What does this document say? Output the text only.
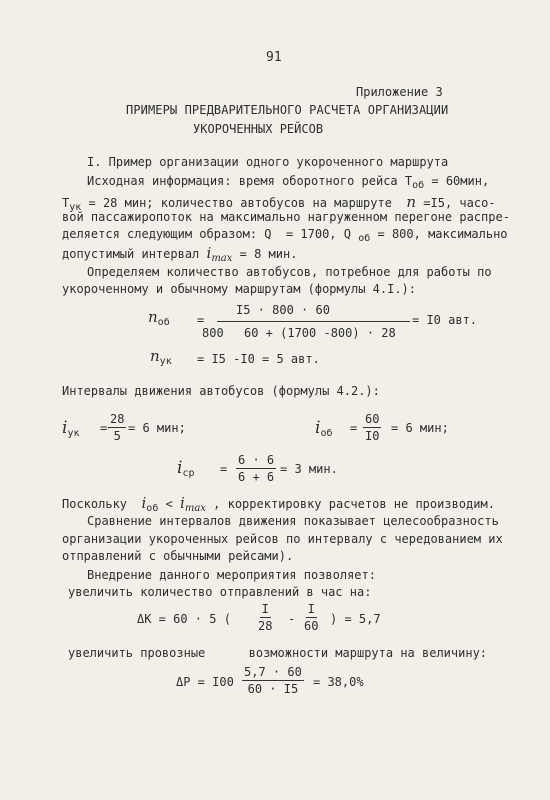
91
Приложение 3
ПРИМЕРЫ ПРЕДВАРИТЕЛЬНОГО РАСЧЕТА ОРГАНИЗАЦИИ
УКОРОЧЕННЫХ РЕЙСОВ
I. Пример организации одного укороченного маршрута
Исходная информация: время оборотного рейса $T_{об} = 60мин$,
$T_{ук} = 28$ мин; количество автобусов на маршруте  n =I5, часо-
вой пассажиропоток на максимально нагруженном перегоне распре-
деляется следующим образом: Q  = 1700, Q $_{об}$ = 800, максимально
допустимый интервал $i_{max} = 8$ мин.
Определяем количество автобусов, потребное для работы по
укороченному и обычному маршрутам (формулы 4.I.):
$n_{об}$ =
I5 · 800 · 60
800 60 + (1700 -800) · 28
= I0 авт.
$n_{ук} = I5$ -I0 = 5 авт.
Интервалы движения автобусов (формулы 4.2.):
$i_{ук} = \frac{28}{5} = 6$ мин;	$i_{об} = \frac{60}{I0} = 6$ мин;
$i_{ср} = \frac{6 \cdot 6}{6 + 6} = 3$ мин.
Поскольку  $i_{об} < i_{max}$ , корректировку расчетов не производим.
Сравнение интервалов движения показывает целесообразность
организации укороченных рейсов по интервалу с чередованием их
отправлений с обычными рейсами).
Внедрение данного мероприятия позволяет:
увеличить количество отправлений в час на:
ΔK = 60 · 5 ( $\frac{I}{28} - \frac{I}{60}$ ) = 5,7
увеличить провозные      возможности маршрута на величину:
$\Delta P = I00 \frac{5,7 \cdot 60}{60 \cdot I5} = 38,0\%$
